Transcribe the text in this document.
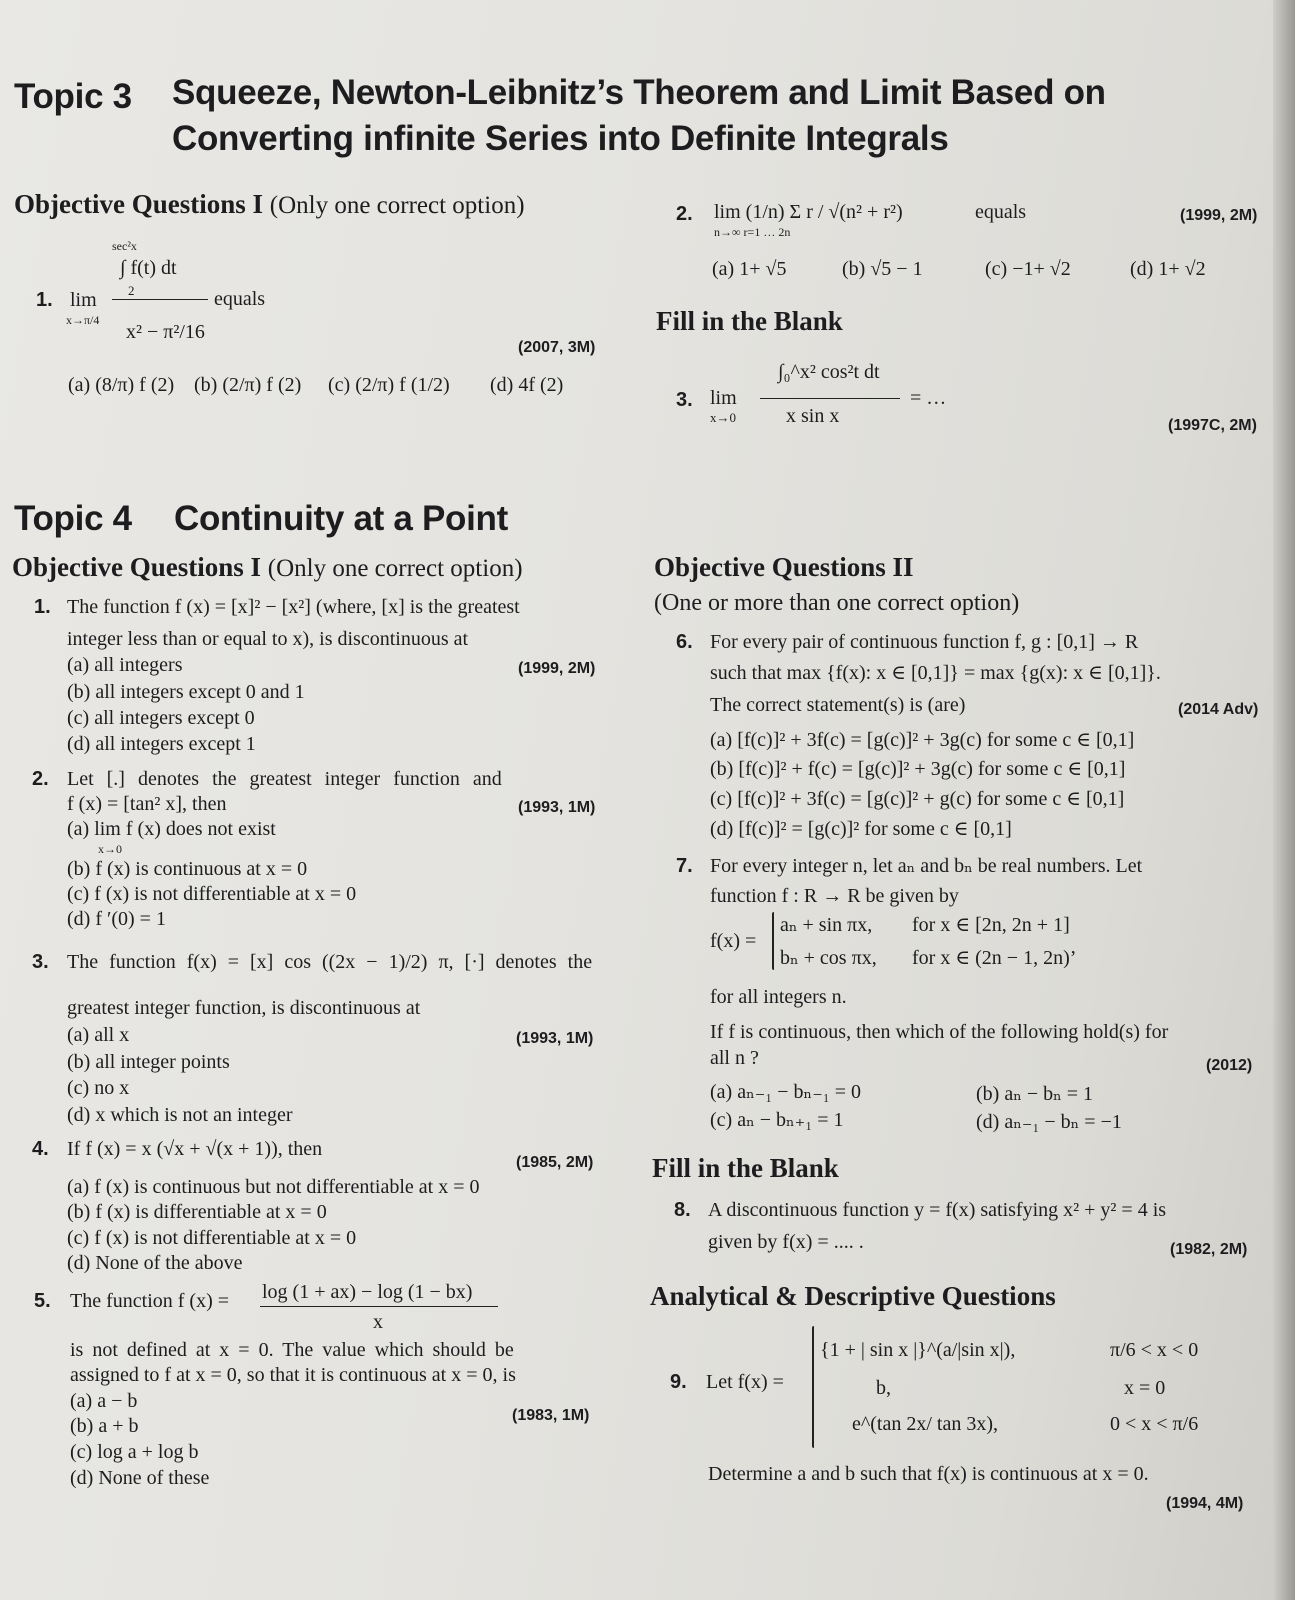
Topic 3 Squeeze, Newton-Leibnitz’s Theorem and Limit Based on
Converting infinite Series into Definite Integrals
Objective Questions I (Only one correct option)
sec²x
∫ f(t) dt
2
1. lim
x→π/4
x² − π²/16
equals
(2007, 3M)
(a) (8/π) f (2) (b) (2/π) f (2) (c) (2/π) f (1/2) (d) 4f (2)
2. lim (1/n) Σ r / √(n² + r²)
n→∞ r=1 … 2n
equals	(1999, 2M)
(a) 1+ √5	(b) √5 − 1	(c) −1+ √2	(d) 1+ √2
Fill in the Blank
∫₀^x² cos²t dt
3. lim
x→0	x sin x
= …
(1997C, 2M)
Topic 4 Continuity at a Point
Objective Questions I (Only one correct option)
1. The function f (x) = [x]² − [x²] (where, [x] is the greatest
integer less than or equal to x), is discontinuous at
(a) all integers	(1999, 2M)
(b) all integers except 0 and 1
(c) all integers except 0
(d) all integers except 1
2. Let [.] denotes the greatest integer function and
f (x) = [tan² x], then	(1993, 1M)
(a) lim f (x) does not exist
x→0
(b) f (x) is continuous at x = 0
(c) f (x) is not differentiable at x = 0
(d) f ′(0) = 1
3. The function f(x) = [x] cos ((2x − 1)/2) π, [·] denotes the
greatest integer function, is discontinuous at
(a) all x	(1993, 1M)
(b) all integer points
(c) no x
(d) x which is not an integer
4. If f (x) = x (√x + √(x + 1)), then
(1985, 2M)
(a) f (x) is continuous but not differentiable at x = 0
(b) f (x) is differentiable at x = 0
(c) f (x) is not differentiable at x = 0
(d) None of the above
5. The function f (x) = log (1 + ax) − log (1 − bx)
x
is not defined at x = 0. The value which should be
assigned to f at x = 0, so that it is continuous at x = 0, is
(a) a − b
(1983, 1M)
(b) a + b
(c) log a + log b
(d) None of these
Objective Questions II
(One or more than one correct option)
6. For every pair of continuous function f, g : [0,1] → R
such that max {f(x): x ∈ [0,1]} = max {g(x): x ∈ [0,1]}.
The correct statement(s) is (are)	(2014 Adv)
(a) [f(c)]² + 3f(c) = [g(c)]² + 3g(c) for some c ∈ [0,1]
(b) [f(c)]² + f(c) = [g(c)]² + 3g(c) for some c ∈ [0,1]
(c) [f(c)]² + 3f(c) = [g(c)]² + g(c) for some c ∈ [0,1]
(d) [f(c)]² = [g(c)]² for some c ∈ [0,1]
7. For every integer n, let aₙ and bₙ be real numbers. Let
function f : R → R be given by
f(x) =
aₙ + sin πx, for x ∈ [2n, 2n + 1]
bₙ + cos πx, for x ∈ (2n − 1, 2n)’
for all integers n.
If f is continuous, then which of the following hold(s) for
all n ?	(2012)
(a) aₙ₋₁ − bₙ₋₁ = 0	(b) aₙ − bₙ = 1
(c) aₙ − bₙ₊₁ = 1	(d) aₙ₋₁ − bₙ = −1
Fill in the Blank
8. A discontinuous function y = f(x) satisfying x² + y² = 4 is
given by f(x) = .... .	(1982, 2M)
Analytical & Descriptive Questions
9. Let f(x) =
{1 + | sin x |}^(a/|sin x|),	π/6 < x < 0
b,	x = 0
e^(tan 2x/ tan 3x),	0 < x < π/6
Determine a and b such that f(x) is continuous at x = 0.
(1994, 4M)
